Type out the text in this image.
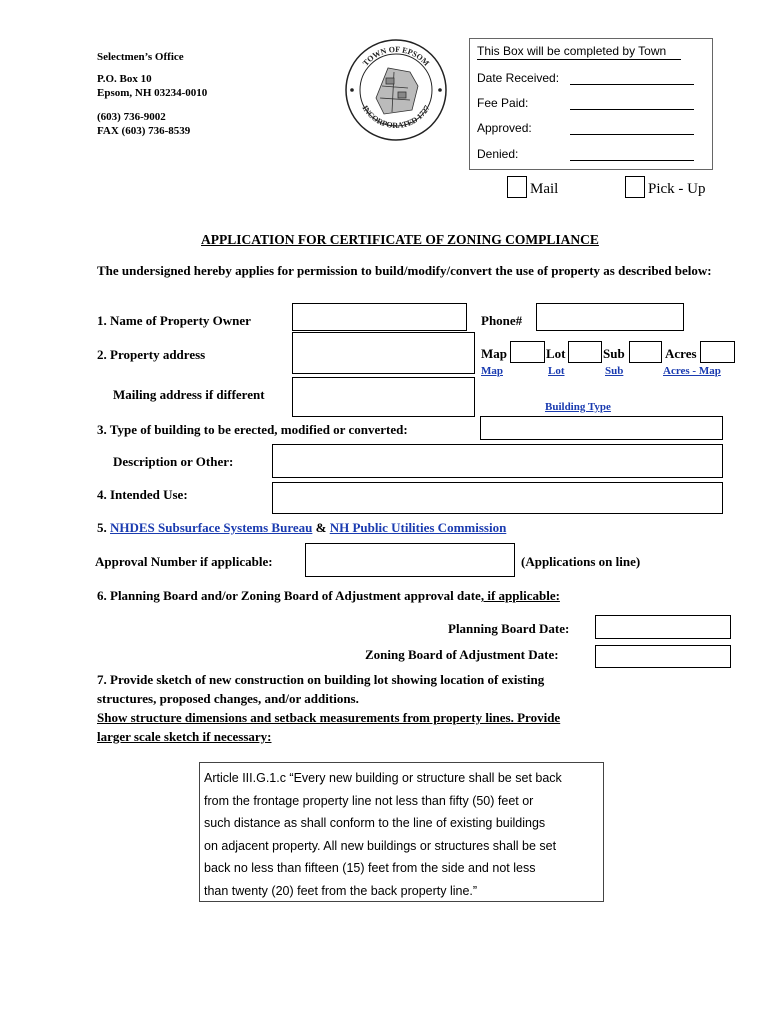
Selectmen’s Office
P.O. Box 10
Epsom, NH 03234-0010
(603) 736-9002
FAX (603) 736-8539
TOWN OF EPSOM
INCORPORATED 1727
This Box will be completed by Town
Date Received:
Fee Paid:
Approved:
Denied:
Mail	Pick - Up
APPLICATION FOR CERTIFICATE OF ZONING COMPLIANCE
The undersigned hereby applies for permission to build/modify/convert the use of property as described below:
1. Name of Property Owner	Phone#
2. Property address	Map	Lot	Sub	Acres
Map	Lot	Sub	Acres - Map
Mailing address if different
Building Type
3. Type of building to be erected, modified or converted:
Description or Other:
4. Intended Use:
5. NHDES Subsurface Systems Bureau & NH Public Utilities Commission
Approval Number if applicable:	(Applications on line)
6. Planning Board and/or Zoning Board of Adjustment approval date, if applicable:
Planning Board Date:
Zoning Board of Adjustment Date:
7. Provide sketch of new construction on building lot showing location of existing
structures, proposed changes, and/or additions.
Show structure dimensions and setback measurements from property lines. Provide
larger scale sketch if necessary:
Article III.G.1.c “Every new building or structure shall be set back
from the frontage property line not less than fifty (50) feet or
such distance as shall conform to the line of existing buildings
on adjacent property. All new buildings or structures shall be set
back no less than fifteen (15) feet from the side and not less
than twenty (20) feet from the back property line.”
